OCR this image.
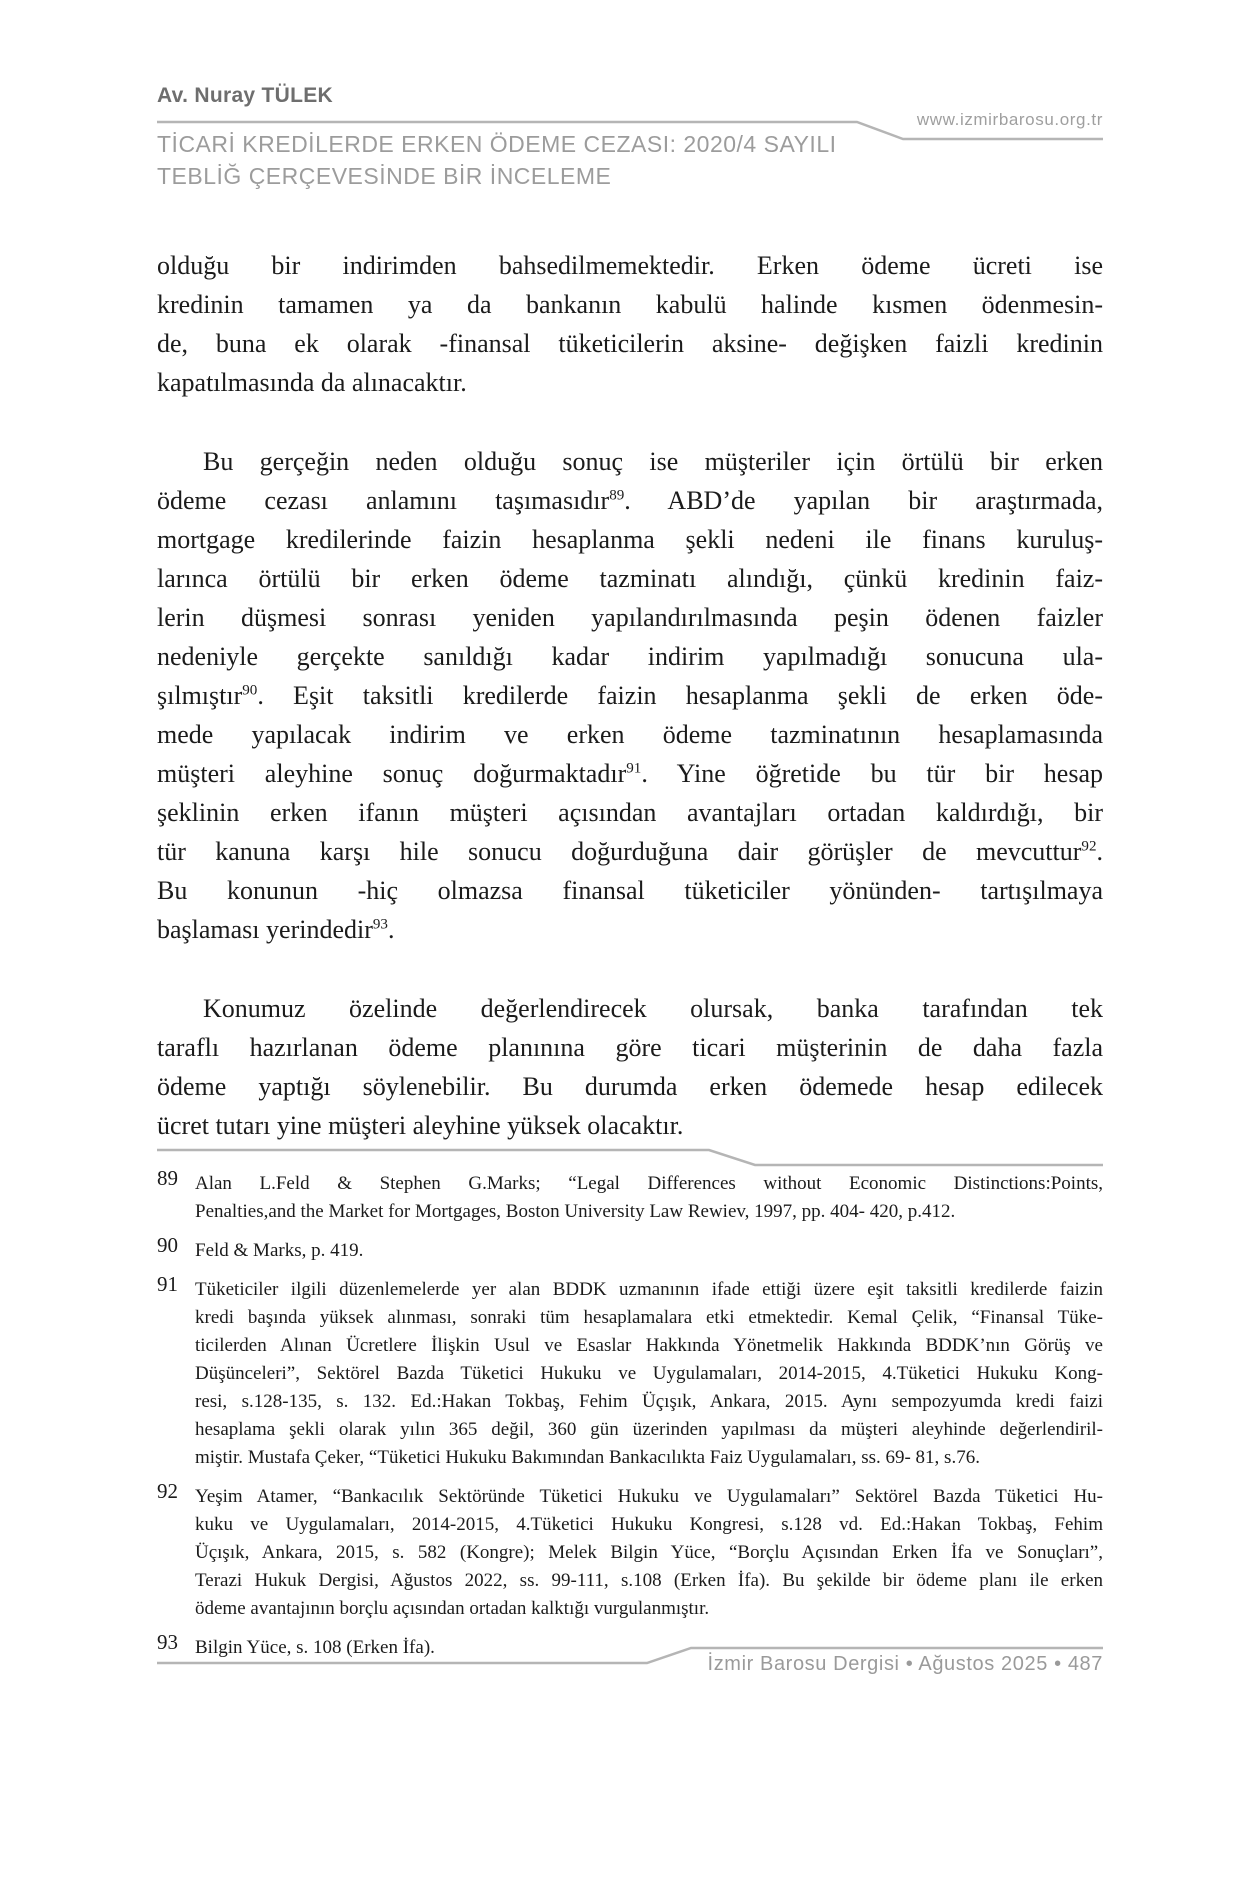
Av. Nuray TÜLEK
www.izmirbarosu.org.tr
TİCARİ KREDİLERDE ERKEN ÖDEME CEZASI: 2020/4 SAYILI
TEBLİĞ ÇERÇEVESİNDE BİR İNCELEME
olduğu bir indirimden bahsedilmemektedir. Erken ödeme ücreti ise
kredinin tamamen ya da bankanın kabulü halinde kısmen ödenmesin-
de, buna ek olarak -finansal tüketicilerin aksine- değişken faizli kredinin
kapatılmasında da alınacaktır.
Bu gerçeğin neden olduğu sonuç ise müşteriler için örtülü bir erken
ödeme cezası anlamını taşımasıdır$^{89}$. ABD’de yapılan bir araştırmada,
mortgage kredilerinde faizin hesaplanma şekli nedeni ile finans kuruluş-
larınca örtülü bir erken ödeme tazminatı alındığı, çünkü kredinin faiz-
lerin düşmesi sonrası yeniden yapılandırılmasında peşin ödenen faizler
nedeniyle gerçekte sanıldığı kadar indirim yapılmadığı sonucuna ula-
şılmıştır$^{90}$. Eşit taksitli kredilerde faizin hesaplanma şekli de erken öde-
mede yapılacak indirim ve erken ödeme tazminatının hesaplamasında
müşteri aleyhine sonuç doğurmaktadır$^{91}$. Yine öğretide bu tür bir hesap
şeklinin erken ifanın müşteri açısından avantajları ortadan kaldırdığı, bir
tür kanuna karşı hile sonucu doğurduğuna dair görüşler de mevcuttur$^{92}$.
Bu konunun -hiç olmazsa finansal tüketiciler yönünden- tartışılmaya
başlaması yerindedir$^{93}$.
Konumuz özelinde değerlendirecek olursak, banka tarafından tek
taraflı hazırlanan ödeme planınına göre ticari müşterinin de daha fazla
ödeme yaptığı söylenebilir. Bu durumda erken ödemede hesap edilecek
ücret tutarı yine müşteri aleyhine yüksek olacaktır.
89 Alan L.Feld & Stephen G.Marks; “Legal Differences without Economic Distinctions:Points,
Penalties,and the Market for Mortgages, Boston University Law Rewiev, 1997, pp. 404- 420, p.412.
90 Feld & Marks, p. 419.
91 Tüketiciler ilgili düzenlemelerde yer alan BDDK uzmanının ifade ettiği üzere eşit taksitli kredilerde faizin
kredi başında yüksek alınması, sonraki tüm hesaplamalara etki etmektedir. Kemal Çelik, “Finansal Tüke-
ticilerden Alınan Ücretlere İlişkin Usul ve Esaslar Hakkında Yönetmelik Hakkında BDDK’nın Görüş ve
Düşünceleri”, Sektörel Bazda Tüketici Hukuku ve Uygulamaları, 2014-2015, 4.Tüketici Hukuku Kong-
resi, s.128-135, s. 132. Ed.:Hakan Tokbaş, Fehim Üçışık, Ankara, 2015. Aynı sempozyumda kredi faizi
hesaplama şekli olarak yılın 365 değil, 360 gün üzerinden yapılması da müşteri aleyhinde değerlendiril-
miştir. Mustafa Çeker, “Tüketici Hukuku Bakımından Bankacılıkta Faiz Uygulamaları, ss. 69- 81, s.76.
92 Yeşim Atamer, “Bankacılık Sektöründe Tüketici Hukuku ve Uygulamaları” Sektörel Bazda Tüketici Hu-
kuku ve Uygulamaları, 2014-2015, 4.Tüketici Hukuku Kongresi, s.128 vd. Ed.:Hakan Tokbaş, Fehim
Üçışık, Ankara, 2015, s. 582 (Kongre); Melek Bilgin Yüce, “Borçlu Açısından Erken İfa ve Sonuçları”,
Terazi Hukuk Dergisi, Ağustos 2022, ss. 99-111, s.108 (Erken İfa). Bu şekilde bir ödeme planı ile erken
ödeme avantajının borçlu açısından ortadan kalktığı vurgulanmıştır.
93 Bilgin Yüce, s. 108 (Erken İfa).
İzmir Barosu Dergisi • Ağustos 2025 • 487
